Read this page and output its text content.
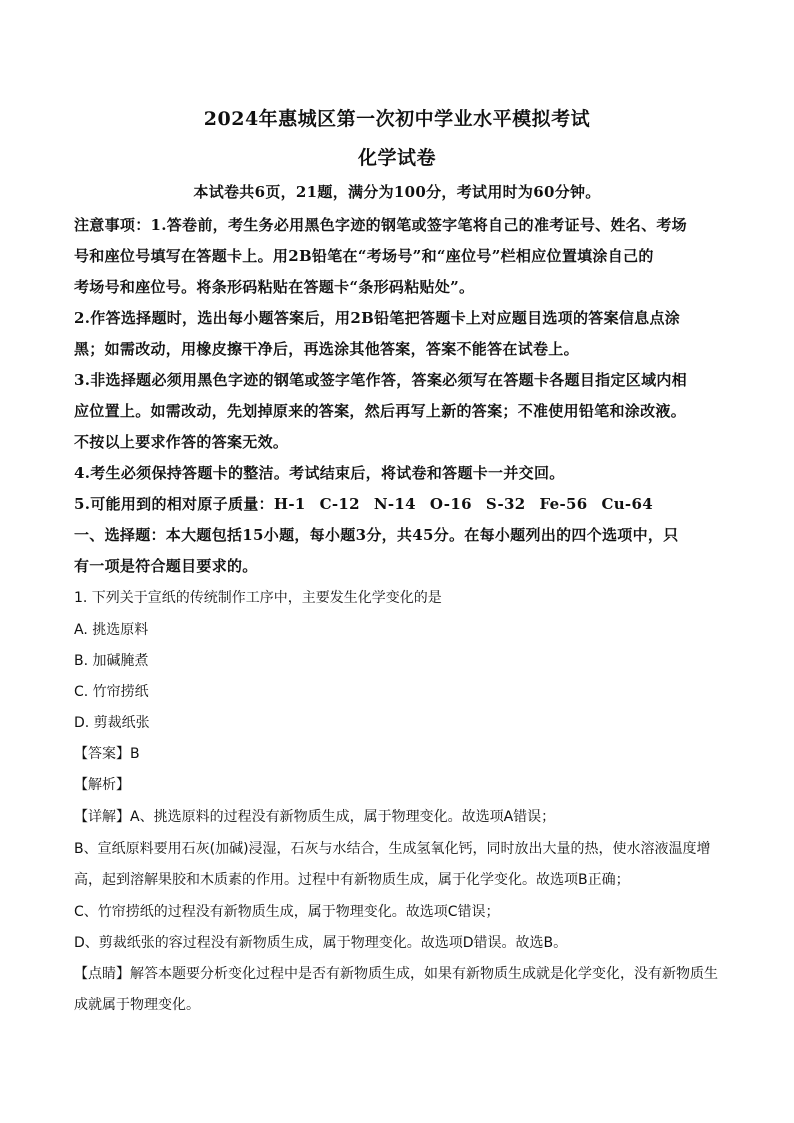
2024年惠城区第一次初中学业水平模拟考试
化学试卷
本试卷共6页，21题，满分为100分，考试用时为60分钟。
注意事项：1.答卷前，考生务必用黑色字迹的钢笔或签字笔将自己的准考证号、姓名、考场
号和座位号填写在答题卡上。用2B铅笔在“考场号”和“座位号”栏相应位置填涂自己的
考场号和座位号。将条形码粘贴在答题卡“条形码粘贴处”。
2.作答选择题时，选出每小题答案后，用2B铅笔把答题卡上对应题目选项的答案信息点涂
黑；如需改动，用橡皮擦干净后，再选涂其他答案，答案不能答在试卷上。
3.非选择题必须用黑色字迹的钢笔或签字笔作答，答案必须写在答题卡各题目指定区域内相
应位置上。如需改动，先划掉原来的答案，然后再写上新的答案；不准使用铅笔和涂改液。
不按以上要求作答的答案无效。
4.考生必须保持答题卡的整洁。考试结束后，将试卷和答题卡一并交回。
5.可能用到的相对原子质量：H-1 C-12 N-14 O-16 S-32 Fe-56 Cu-64
一、选择题：本大题包括15小题，每小题3分，共45分。在每小题列出的四个选项中，只
有一项是符合题目要求的。
1. 下列关于宣纸的传统制作工序中，主要发生化学变化的是
A. 挑选原料
B. 加碱腌煮
C. 竹帘捞纸
D. 剪裁纸张
【答案】B
【解析】
【详解】A、挑选原料的过程没有新物质生成，属于物理变化。故选项A错误；
B、宣纸原料要用石灰(加碱)浸湿，石灰与水结合，生成氢氧化钙，同时放出大量的热，使水溶液温度增
高，起到溶解果胶和木质素的作用。过程中有新物质生成，属于化学变化。故选项B正确；
C、竹帘捞纸的过程没有新物质生成，属于物理变化。故选项C错误；
D、剪裁纸张的容过程没有新物质生成，属于物理变化。故选项D错误。故选B。
【点睛】解答本题要分析变化过程中是否有新物质生成，如果有新物质生成就是化学变化，没有新物质生
成就属于物理变化。
